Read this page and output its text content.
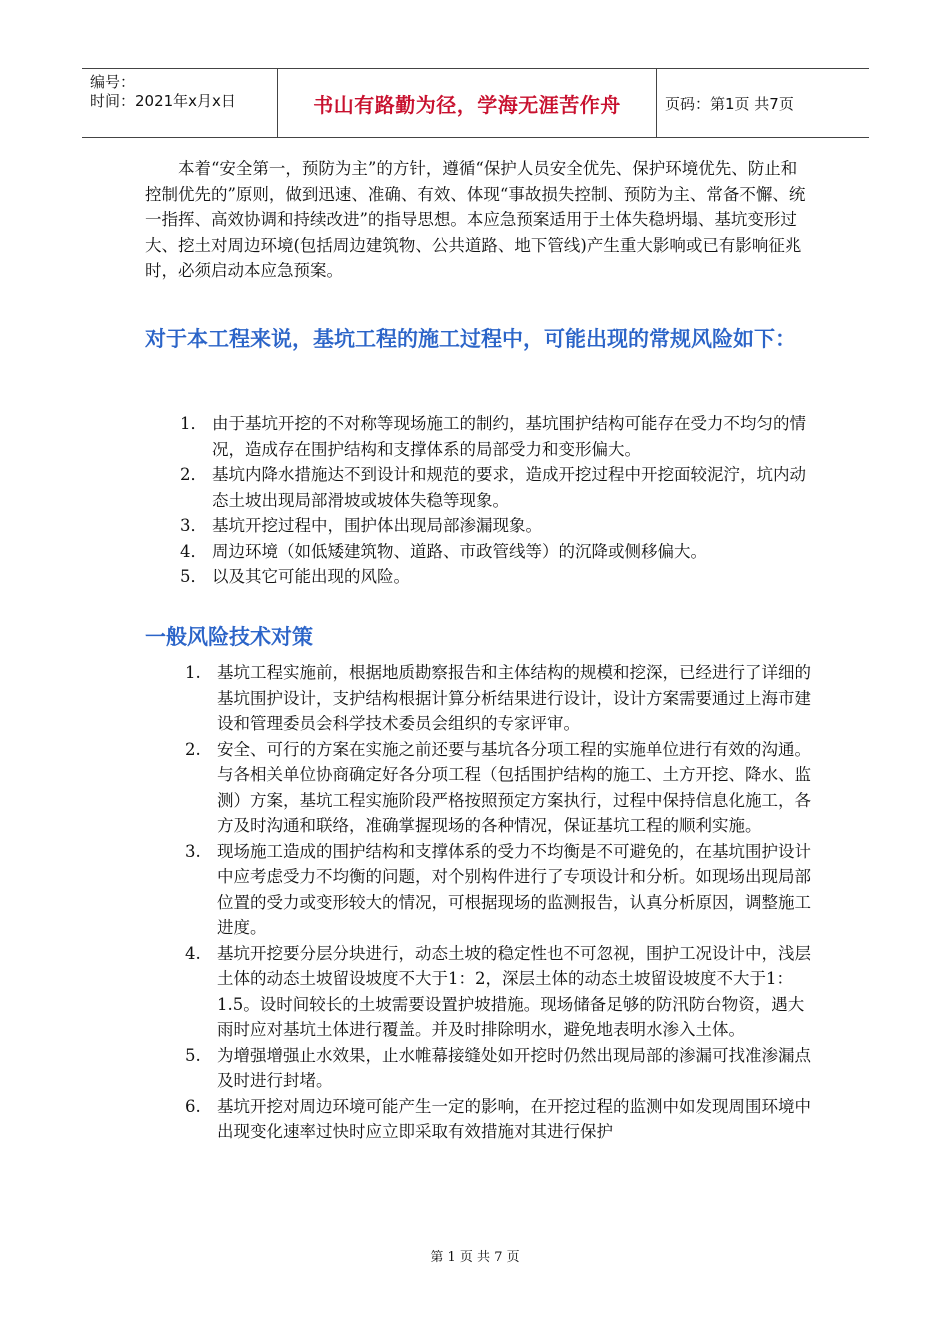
编号：
时间：2021年x月x日	书山有路勤为径，学海无涯苦作舟	页码：第1页 共7页

本着“安全第一，预防为主”的方针，遵循“保护人员安全优先、保护环境优先、防止和控制优先的”原则，做到迅速、准确、有效、体现“事故损失控制、预防为主、常备不懈、统一指挥、高效协调和持续改进”的指导思想。本应急预案适用于土体失稳坍塌、基坑变形过大、挖土对周边环境(包括周边建筑物、公共道路、地下管线)产生重大影响或已有影响征兆时，必须启动本应急预案。

对于本工程来说，基坑工程的施工过程中，可能出现的常规风险如下：
1． 由于基坑开挖的不对称等现场施工的制约，基坑围护结构可能存在受力不均匀的情况，造成存在围护结构和支撑体系的局部受力和变形偏大。
2． 基坑内降水措施达不到设计和规范的要求，造成开挖过程中开挖面较泥泞，坑内动态土坡出现局部滑坡或坡体失稳等现象。
3． 基坑开挖过程中，围护体出现局部渗漏现象。
4． 周边环境（如低矮建筑物、道路、市政管线等）的沉降或侧移偏大。
5． 以及其它可能出现的风险。
一般风险技术对策
1. 基坑工程实施前，根据地质勘察报告和主体结构的规模和挖深，已经进行了详细的基坑围护设计，支护结构根据计算分析结果进行设计，设计方案需要通过上海市建设和管理委员会科学技术委员会组织的专家评审。
2. 安全、可行的方案在实施之前还要与基坑各分项工程的实施单位进行有效的沟通。与各相关单位协商确定好各分项工程（包括围护结构的施工、土方开挖、降水、监测）方案，基坑工程实施阶段严格按照预定方案执行，过程中保持信息化施工，各方及时沟通和联络，准确掌握现场的各种情况，保证基坑工程的顺利实施。
3. 现场施工造成的围护结构和支撑体系的受力不均衡是不可避免的，在基坑围护设计中应考虑受力不均衡的问题，对个别构件进行了专项设计和分析。如现场出现局部位置的受力或变形较大的情况，可根据现场的监测报告，认真分析原因，调整施工进度。
4. 基坑开挖要分层分块进行，动态土坡的稳定性也不可忽视，围护工况设计中，浅层土体的动态土坡留设坡度不大于1：2，深层土体的动态土坡留设坡度不大于1：1.5。设时间较长的土坡需要设置护坡措施。现场储备足够的防汛防台物资，遇大雨时应对基坑土体进行覆盖。并及时排除明水，避免地表明水渗入土体。
5. 为增强增强止水效果，止水帷幕接缝处如开挖时仍然出现局部的渗漏可找准渗漏点及时进行封堵。
6. 基坑开挖对周边环境可能产生一定的影响，在开挖过程的监测中如发现周围环境中出现变化速率过快时应立即采取有效措施对其进行保护
第 1 页 共 7 页
